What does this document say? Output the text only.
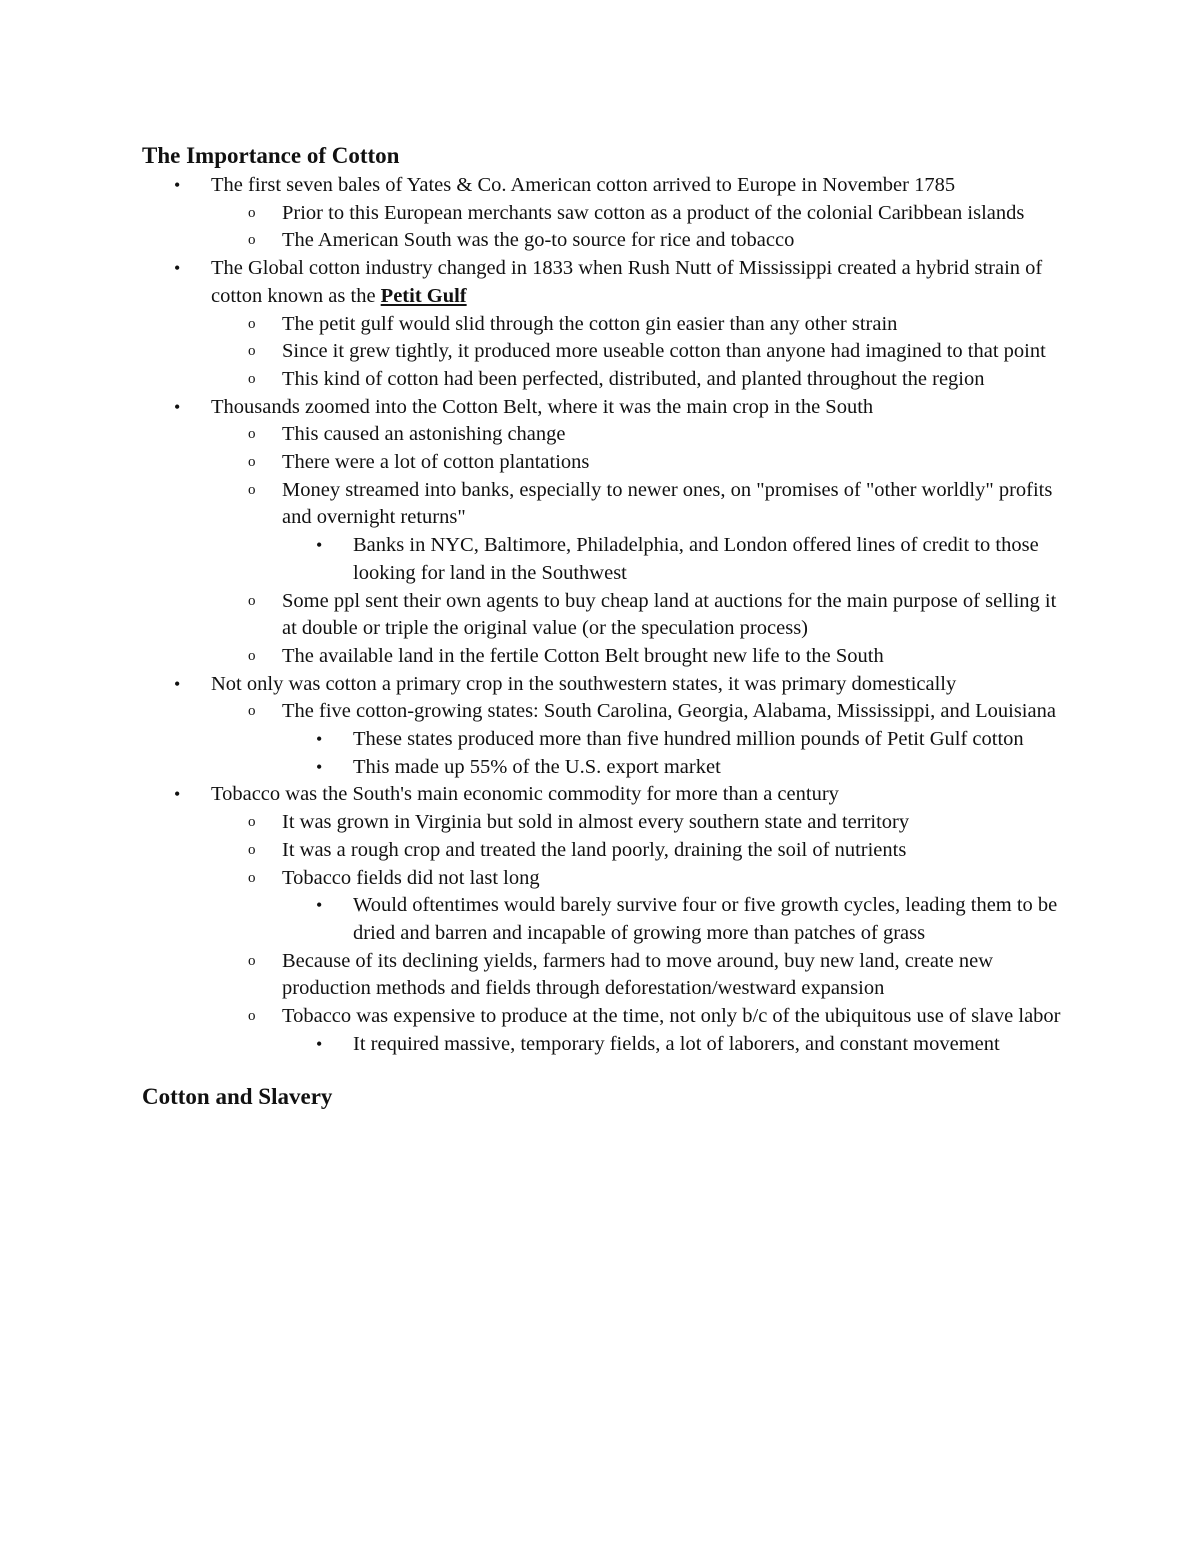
The Importance of Cotton
• The first seven bales of Yates & Co. American cotton arrived to Europe in November 1785
o Prior to this European merchants saw cotton as a product of the colonial Caribbean islands
o The American South was the go-to source for rice and tobacco
• The Global cotton industry changed in 1833 when Rush Nutt of Mississippi created a hybrid strain of cotton known as the Petit Gulf
o The petit gulf would slid through the cotton gin easier than any other strain
o Since it grew tightly, it produced more useable cotton than anyone had imagined to that point
o This kind of cotton had been perfected, distributed, and planted throughout the region
• Thousands zoomed into the Cotton Belt, where it was the main crop in the South
o This caused an astonishing change
o There were a lot of cotton plantations
o Money streamed into banks, especially to newer ones, on "promises of "other worldly" profits and overnight returns"
• Banks in NYC, Baltimore, Philadelphia, and London offered lines of credit to those looking for land in the Southwest
o Some ppl sent their own agents to buy cheap land at auctions for the main purpose of selling it at double or triple the original value (or the speculation process)
o The available land in the fertile Cotton Belt brought new life to the South
• Not only was cotton a primary crop in the southwestern states, it was primary domestically
o The five cotton-growing states: South Carolina, Georgia, Alabama, Mississippi, and Louisiana
• These states produced more than five hundred million pounds of Petit Gulf cotton
• This made up 55% of the U.S. export market
• Tobacco was the South's main economic commodity for more than a century
o It was grown in Virginia but sold in almost every southern state and territory
o It was a rough crop and treated the land poorly, draining the soil of nutrients
o Tobacco fields did not last long
• Would oftentimes would barely survive four or five growth cycles, leading them to be dried and barren and incapable of growing more than patches of grass
o Because of its declining yields, farmers had to move around, buy new land, create new production methods and fields through deforestation/westward expansion
o Tobacco was expensive to produce at the time, not only b/c of the ubiquitous use of slave labor
• It required massive, temporary fields, a lot of laborers, and constant movement
Cotton and Slavery
